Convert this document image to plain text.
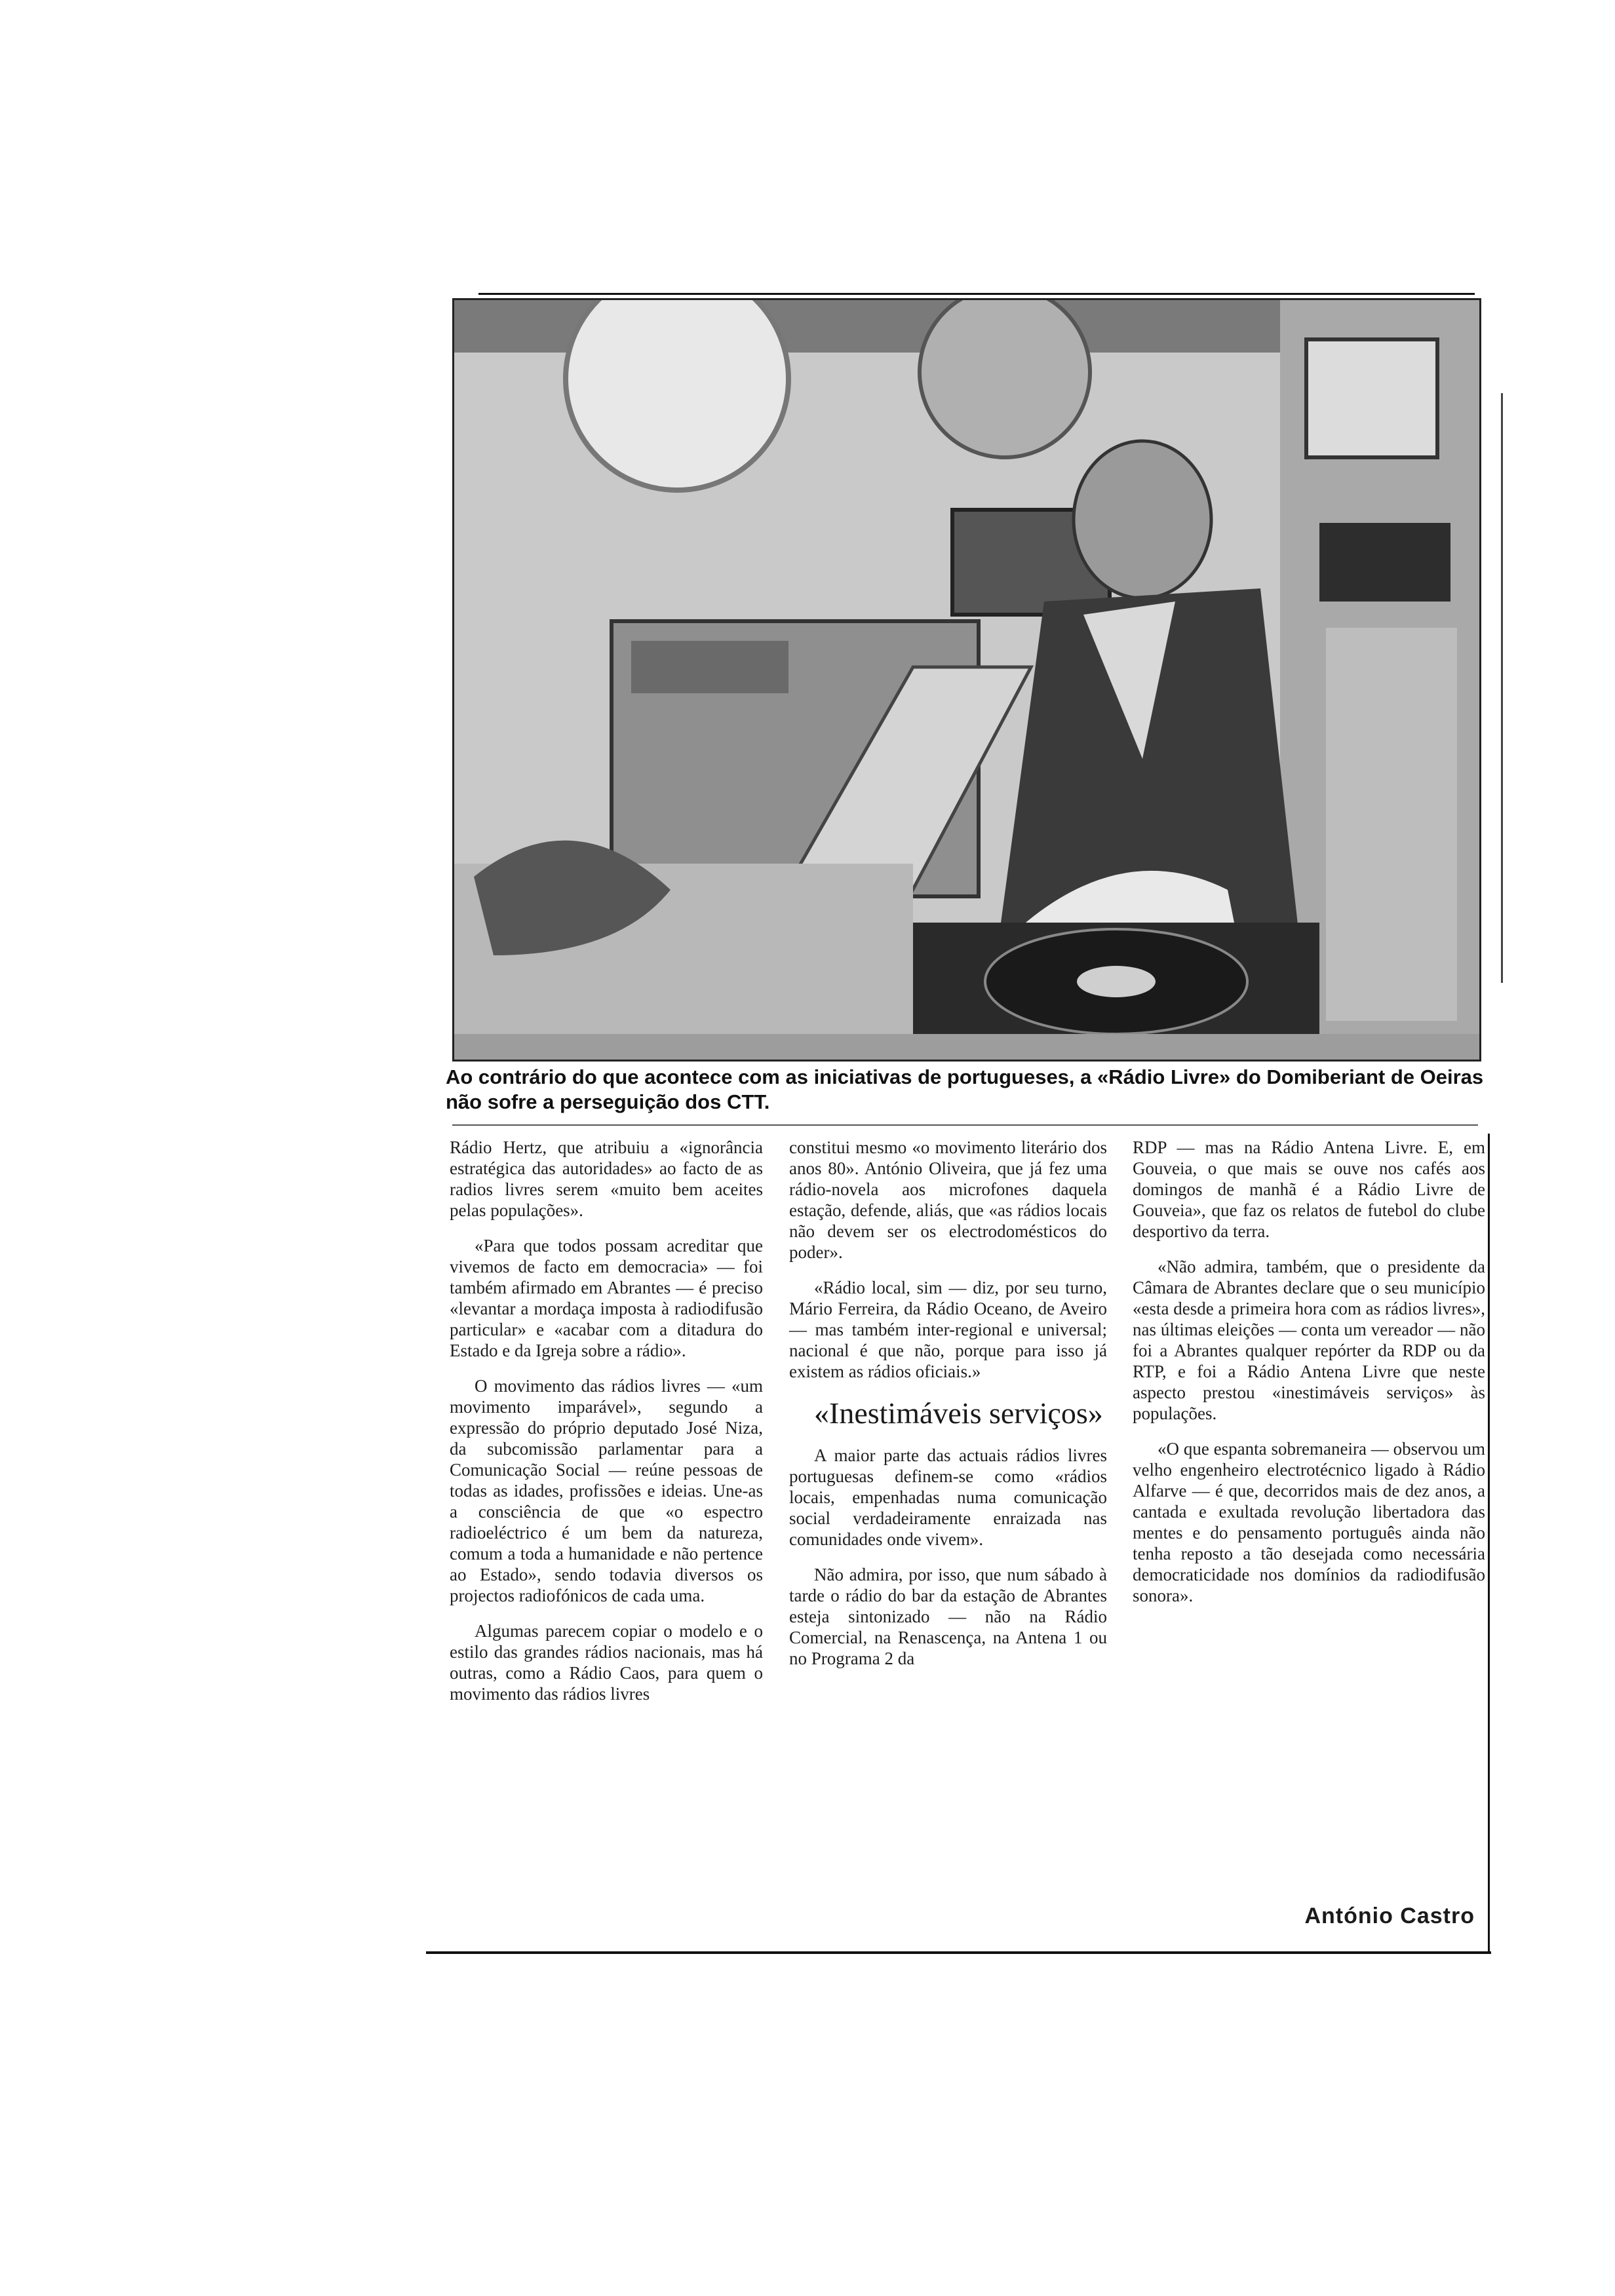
Ao contrário do que acontece com as iniciativas de portugueses, a «Rádio Livre» do Domiberiant de Oeiras não sofre a perseguição dos CTT.

Rádio Hertz, que atribuiu a «ignorância estratégica das autoridades» ao facto de as radios livres serem «muito bem aceites pelas populações».

«Para que todos possam acreditar que vivemos de facto em democracia» — foi também afirmado em Abrantes — é preciso «levantar a mordaça imposta à radiodifusão particular» e «acabar com a ditadura do Estado e da Igreja sobre a rádio».

O movimento das rádios livres — «um movimento imparável», segundo a expressão do próprio deputado José Niza, da subcomissão parlamentar para a Comunicação Social — reúne pessoas de todas as idades, profissões e ideias. Une-as a consciência de que «o espectro radioeléctrico é um bem da natureza, comum a toda a humanidade e não pertence ao Estado», sendo todavia diversos os projectos radiofónicos de cada uma.

Algumas parecem copiar o modelo e o estilo das grandes rádios nacionais, mas há outras, como a Rádio Caos, para quem o movimento das rádios livres

constitui mesmo «o movimento literário dos anos 80». António Oliveira, que já fez uma rádio-novela aos microfones daquela estação, defende, aliás, que «as rádios locais não devem ser os electrodomésticos do poder».

«Rádio local, sim — diz, por seu turno, Mário Ferreira, da Rádio Oceano, de Aveiro — mas também inter-regional e universal; nacional é que não, porque para isso já existem as rádios oficiais.»

«Inestimáveis serviços»

A maior parte das actuais rádios livres portuguesas definem-se como «rádios locais, empenhadas numa comunicação social verdadeiramente enraizada nas comunidades onde vivem».

Não admira, por isso, que num sábado à tarde o rádio do bar da estação de Abrantes esteja sintonizado — não na Rádio Comercial, na Renascença, na Antena 1 ou no Programa 2 da

RDP — mas na Rádio Antena Livre. E, em Gouveia, o que mais se ouve nos cafés aos domingos de manhã é a Rádio Livre de Gouveia», que faz os relatos de futebol do clube desportivo da terra.

«Não admira, também, que o presidente da Câmara de Abrantes declare que o seu município «esta desde a primeira hora com as rádios livres», nas últimas eleições — conta um vereador — não foi a Abrantes qualquer repórter da RDP ou da RTP, e foi a Rádio Antena Livre que neste aspecto prestou «inestimáveis serviços» às populações.

«O que espanta sobremaneira — observou um velho engenheiro electrotécnico ligado à Rádio Alfarve — é que, decorridos mais de dez anos, a cantada e exultada revolução libertadora das mentes e do pensamento português ainda não tenha reposto a tão desejada como necessária democraticidade nos domínios da radiodifusão sonora».

António Castro
